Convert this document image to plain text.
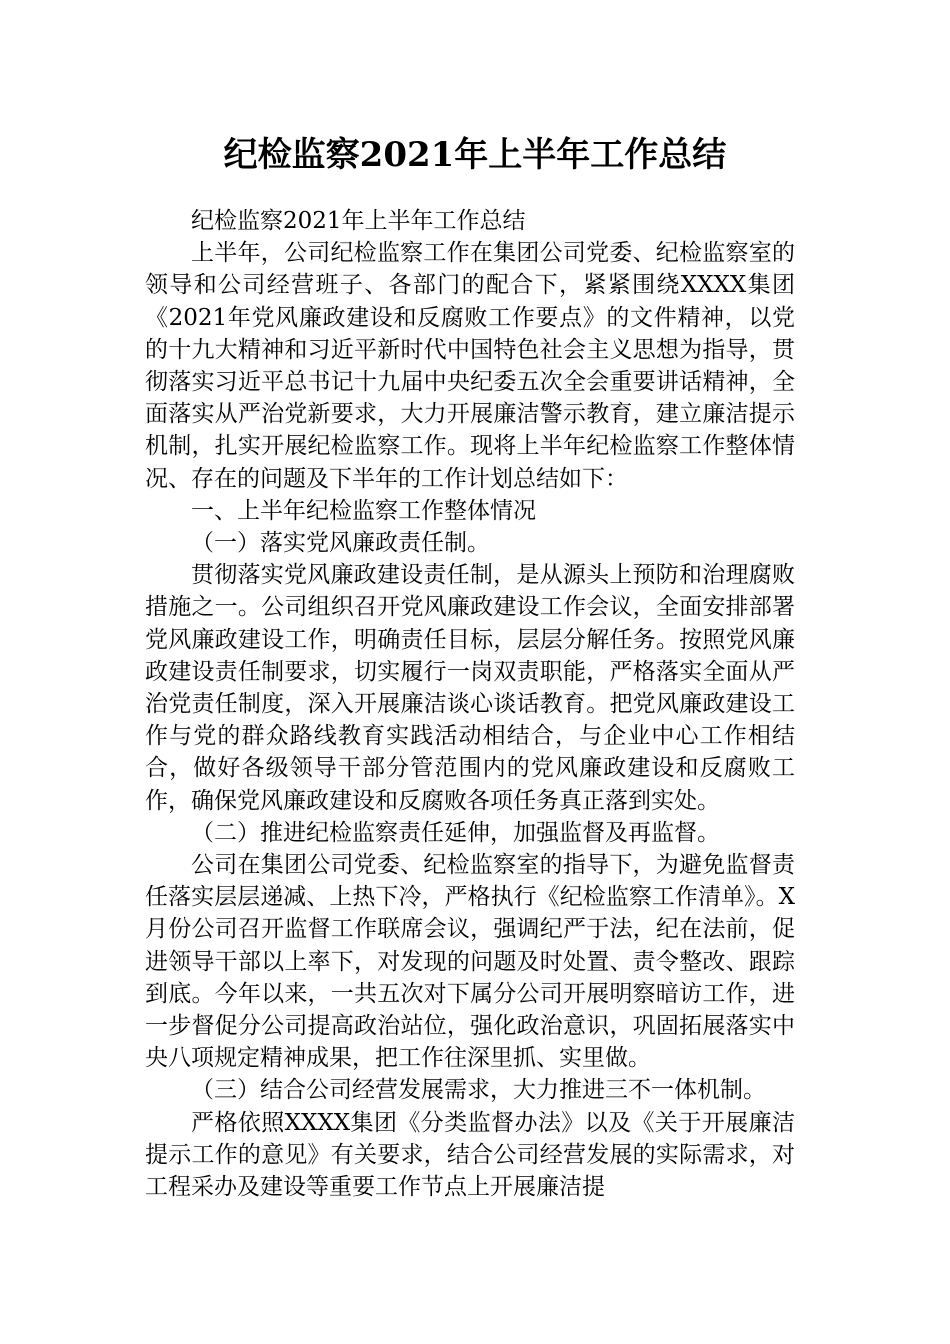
纪检监察2021年上半年工作总结

纪检监察2021年上半年工作总结

上半年，公司纪检监察工作在集团公司党委、纪检监察室的领导和公司经营班子、各部门的配合下，紧紧围绕XXXX集团《2021年党风廉政建设和反腐败工作要点》的文件精神，以党的十九大精神和习近平新时代中国特色社会主义思想为指导，贯彻落实习近平总书记十九届中央纪委五次全会重要讲话精神，全面落实从严治党新要求，大力开展廉洁警示教育，建立廉洁提示机制，扎实开展纪检监察工作。现将上半年纪检监察工作整体情况、存在的问题及下半年的工作计划总结如下：

一、上半年纪检监察工作整体情况

（一）落实党风廉政责任制。

贯彻落实党风廉政建设责任制，是从源头上预防和治理腐败措施之一。公司组织召开党风廉政建设工作会议，全面安排部署党风廉政建设工作，明确责任目标，层层分解任务。按照党风廉政建设责任制要求，切实履行一岗双责职能，严格落实全面从严治党责任制度，深入开展廉洁谈心谈话教育。把党风廉政建设工作与党的群众路线教育实践活动相结合，与企业中心工作相结合，做好各级领导干部分管范围内的党风廉政建设和反腐败工作，确保党风廉政建设和反腐败各项任务真正落到实处。

（二）推进纪检监察责任延伸，加强监督及再监督。

公司在集团公司党委、纪检监察室的指导下，为避免监督责任落实层层递减、上热下冷，严格执行《纪检监察工作清单》。X月份公司召开监督工作联席会议，强调纪严于法，纪在法前，促进领导干部以上率下，对发现的问题及时处置、责令整改、跟踪到底。今年以来，一共五次对下属分公司开展明察暗访工作，进一步督促分公司提高政治站位，强化政治意识，巩固拓展落实中央八项规定精神成果，把工作往深里抓、实里做。

（三）结合公司经营发展需求，大力推进三不一体机制。

严格依照XXXX集团《分类监督办法》以及《关于开展廉洁提示工作的意见》有关要求，结合公司经营发展的实际需求，对工程采办及建设等重要工作节点上开展廉洁提
